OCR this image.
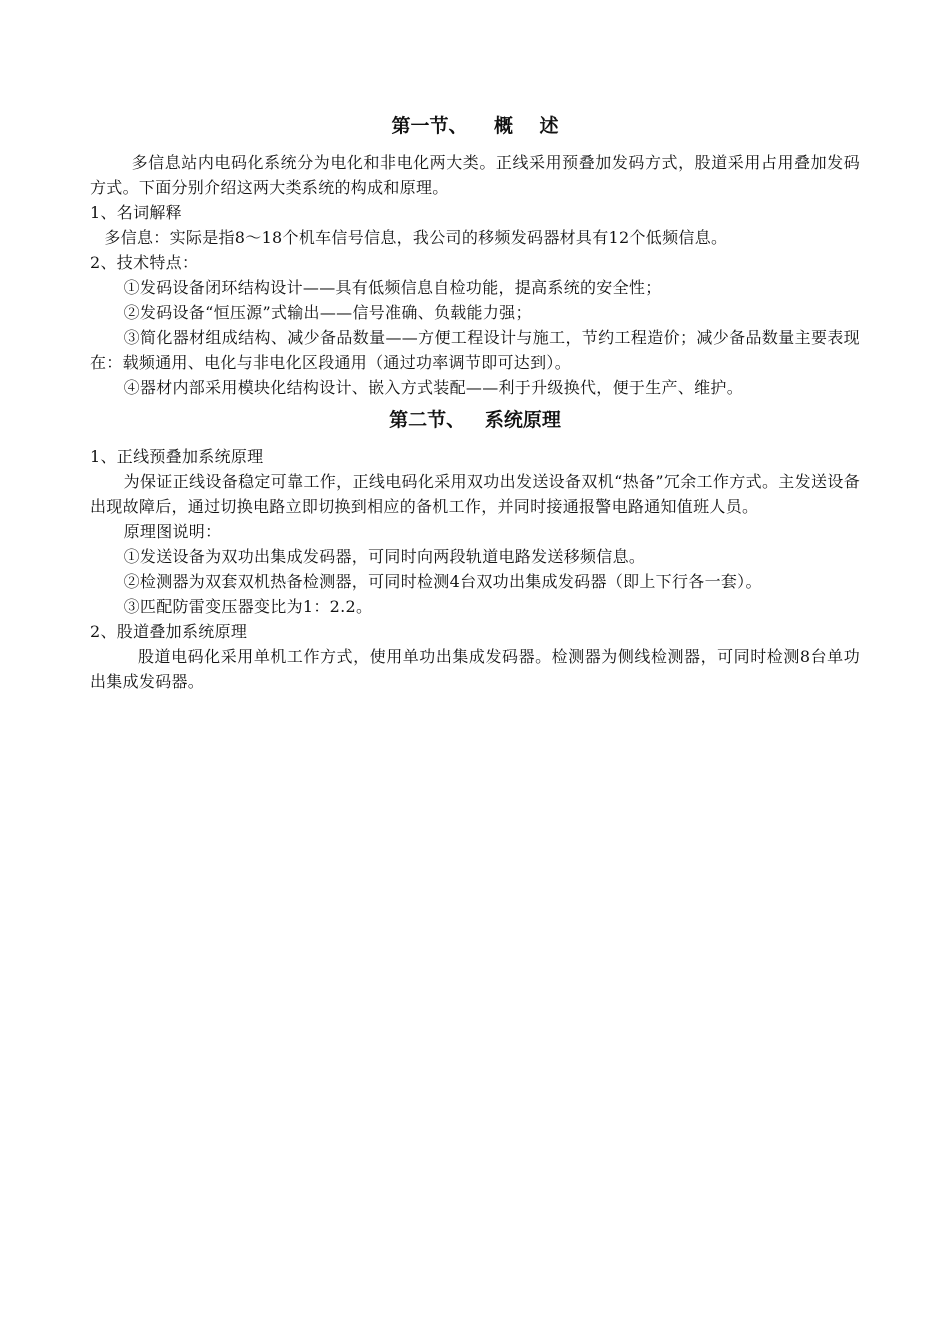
第一节、    概    述

多信息站内电码化系统分为电化和非电化两大类。正线采用预叠加发码方式，股道采用占用叠加发码方式。下面分别介绍这两大类系统的构成和原理。

1、名词解释

多信息：实际是指8～18个机车信号信息，我公司的移频发码器材具有12个低频信息。

2、技术特点：

①发码设备闭环结构设计——具有低频信息自检功能，提高系统的安全性；

②发码设备“恒压源”式输出——信号准确、负载能力强；

③简化器材组成结构、减少备品数量——方便工程设计与施工，节约工程造价；减少备品数量主要表现在：载频通用、电化与非电化区段通用（通过功率调节即可达到）。

④器材内部采用模块化结构设计、嵌入方式装配——利于升级换代，便于生产、维护。

第二节、   系统原理

1、正线预叠加系统原理

为保证正线设备稳定可靠工作，正线电码化采用双功出发送设备双机“热备”冗余工作方式。主发送设备出现故障后，通过切换电路立即切换到相应的备机工作，并同时接通报警电路通知值班人员。

原理图说明：

①发送设备为双功出集成发码器，可同时向两段轨道电路发送移频信息。

②检测器为双套双机热备检测器，可同时检测4台双功出集成发码器（即上下行各一套）。

③匹配防雷变压器变比为1：2.2。

2、股道叠加系统原理

股道电码化采用单机工作方式，使用单功出集成发码器。检测器为侧线检测器，可同时检测8台单功出集成发码器。
